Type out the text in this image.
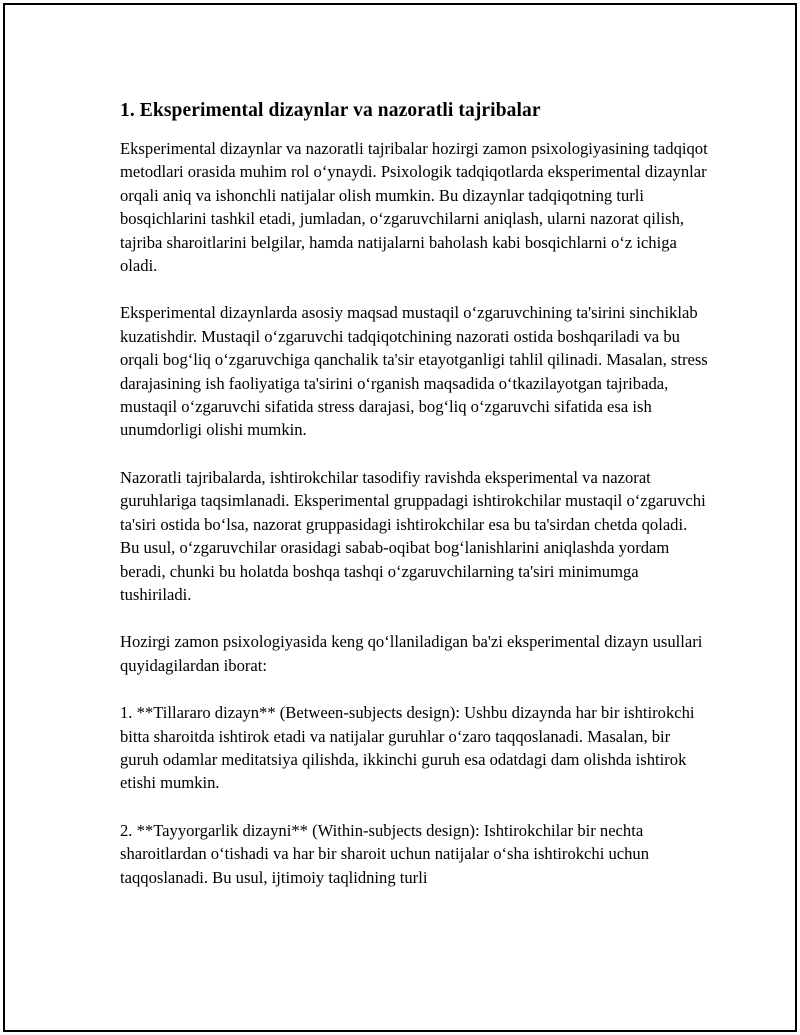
1. Eksperimental dizaynlar va nazoratli tajribalar

Eksperimental dizaynlar va nazoratli tajribalar hozirgi zamon psixologiyasining tadqiqot metodlari orasida muhim rol o‘ynaydi. Psixologik tadqiqotlarda eksperimental dizaynlar orqali aniq va ishonchli natijalar olish mumkin. Bu dizaynlar tadqiqotning turli bosqichlarini tashkil etadi, jumladan, o‘zgaruvchilarni aniqlash, ularni nazorat qilish, tajriba sharoitlarini belgilar, hamda natijalarni baholash kabi bosqichlarni o‘z ichiga oladi.

Eksperimental dizaynlarda asosiy maqsad mustaqil o‘zgaruvchining ta'sirini sinchiklab kuzatishdir. Mustaqil o‘zgaruvchi tadqiqotchining nazorati ostida boshqariladi va bu orqali bog‘liq o‘zgaruvchiga qanchalik ta'sir etayotganligi tahlil qilinadi. Masalan, stress darajasining ish faoliyatiga ta'sirini o‘rganish maqsadida o‘tkazilayotgan tajribada, mustaqil o‘zgaruvchi sifatida stress darajasi, bog‘liq o‘zgaruvchi sifatida esa ish unumdorligi olishi mumkin.

Nazoratli tajribalarda, ishtirokchilar tasodifiy ravishda eksperimental va nazorat guruhlariga taqsimlanadi. Eksperimental gruppadagi ishtirokchilar mustaqil o‘zgaruvchi ta'siri ostida bo‘lsa, nazorat gruppasidagi ishtirokchilar esa bu ta'sirdan chetda qoladi. Bu usul, o‘zgaruvchilar orasidagi sabab-oqibat bog‘lanishlarini aniqlashda yordam beradi, chunki bu holatda boshqa tashqi o‘zgaruvchilarning ta'siri minimumga tushiriladi.

Hozirgi zamon psixologiyasida keng qo‘llaniladigan ba'zi eksperimental dizayn usullari quyidagilardan iborat:

1. **Tillararo dizayn** (Between-subjects design): Ushbu dizaynda har bir ishtirokchi bitta sharoitda ishtirok etadi va natijalar guruhlar o‘zaro taqqoslanadi. Masalan, bir guruh odamlar meditatsiya qilishda, ikkinchi guruh esa odatdagi dam olishda ishtirok etishi mumkin.

2. **Tayyorgarlik dizayni** (Within-subjects design): Ishtirokchilar bir nechta sharoitlardan o‘tishadi va har bir sharoit uchun natijalar o‘sha ishtirokchi uchun taqqoslanadi. Bu usul, ijtimoiy taqlidning turli
